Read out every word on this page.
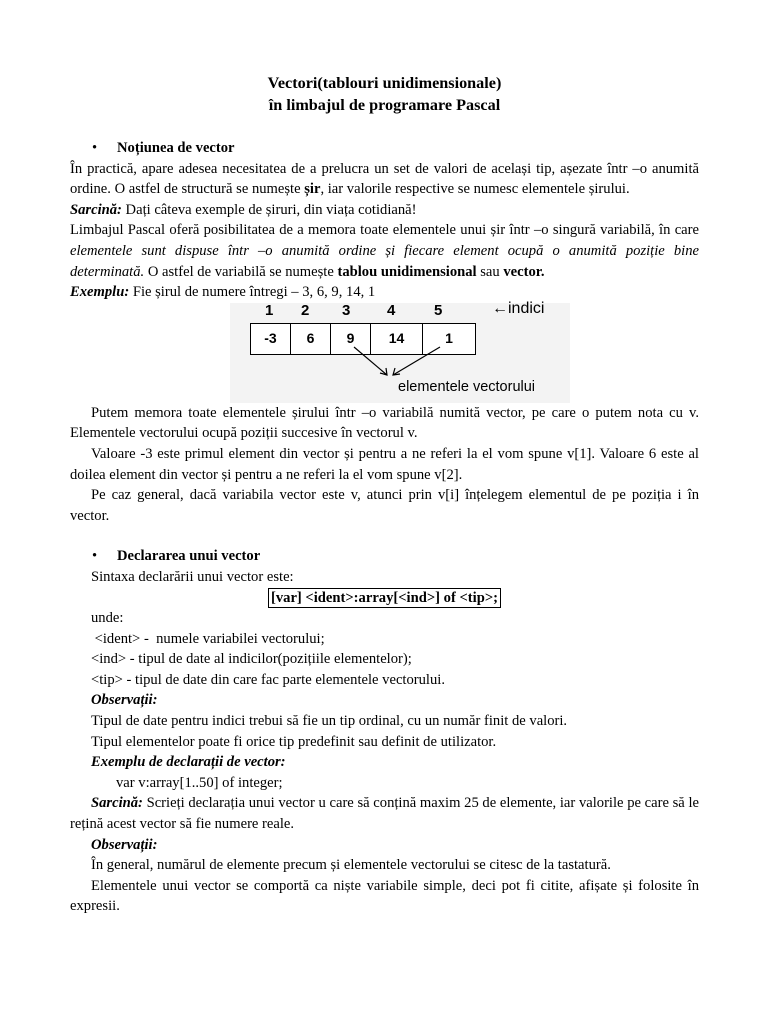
Vectori(tablouri unidimensionale)
în limbajul de programare Pascal
• Noțiunea de vector

În practică, apare adesea necesitatea de a prelucra un set de valori de același tip, așezate într –o anumită ordine. O astfel de structură se numește șir, iar valorile respective se numesc elementele șirului.

Sarcină: Dați câteva exemple de șiruri, din viața cotidiană!

Limbajul Pascal oferă posibilitatea de a memora toate elementele unui șir într –o singură variabilă, în care elementele sunt dispuse într –o anumită ordine și fiecare element ocupă o anumită poziție bine determinată. O astfel de variabilă se numește tablou unidimensional sau vector.

Exemplu: Fie șirul de numere întregi – 3, 6, 9, 14, 1

1 2 3 4	5	←indici
-3	6	9	14	1
elementele vectorului

Putem memora toate elementele șirului într –o variabilă numită vector, pe care o putem nota cu v. Elementele vectorului ocupă poziții succesive în vectorul v.

Valoare -3 este primul element din vector și pentru a ne referi la el vom spune v[1]. Valoare 6 este al doilea element din vector și pentru a ne referi la el vom spune v[2].

Pe caz general, dacă variabila vector este v, atunci prin v[i] înțelegem elementul de pe poziția i în vector.

• Declararea unui vector

Sintaxa declarării unui vector este:

[var] <ident>:array[<ind>] of <tip>;

unde:

<ident> -  numele variabilei vectorului;

<ind> - tipul de date al indicilor(pozițiile elementelor);

<tip> - tipul de date din care fac parte elementele vectorului.

Observații:

Tipul de date pentru indici trebui să fie un tip ordinal, cu un număr finit de valori.

Tipul elementelor poate fi orice tip predefinit sau definit de utilizator.

Exemplu de declarații de vector:

var v:array[1..50] of integer;

Sarcină: Scrieți declarația unui vector u care să conțină maxim 25 de elemente, iar valorile pe care să le rețină acest vector să fie numere reale.

Observații:

În general, numărul de elemente precum și elementele vectorului se citesc de la tastatură.

Elementele unui vector se comportă ca niște variabile simple, deci pot fi citite, afișate și folosite în expresii.
